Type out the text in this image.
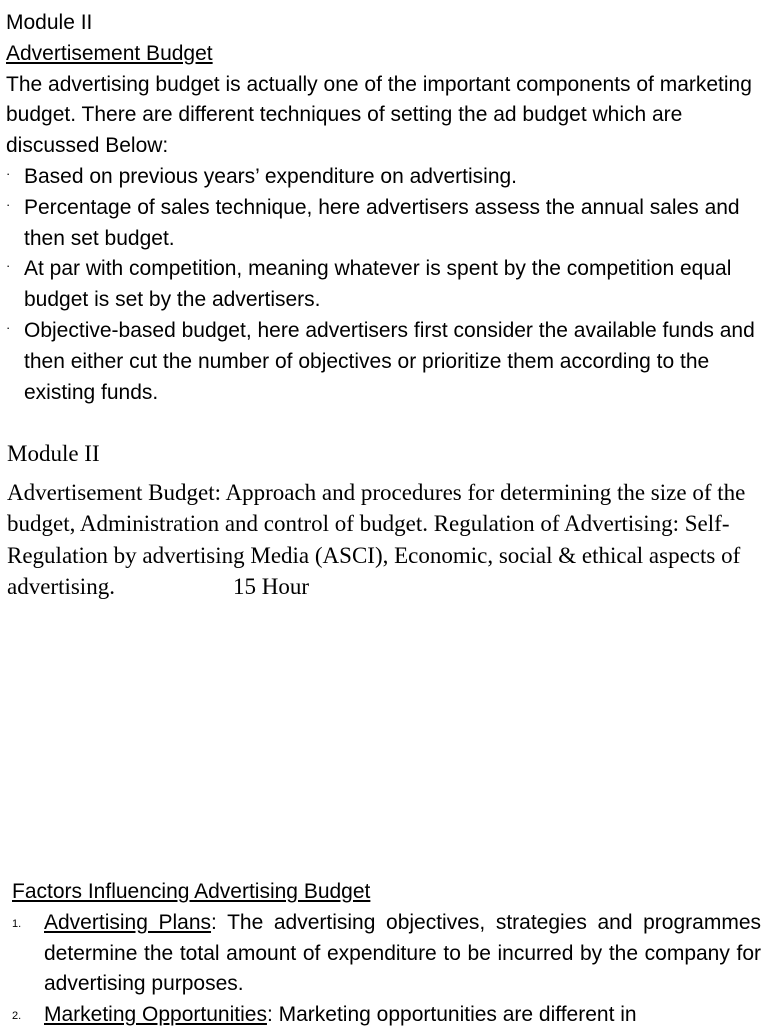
Module II

Advertisement Budget

The advertising budget is actually one of the important components of marketing budget. There are different techniques of setting the ad budget which are discussed Below:

· Based on previous years’ expenditure on advertising.
· Percentage of sales technique, here advertisers assess the annual sales and then set budget.
· At par with competition, meaning whatever is spent by the competition equal budget is set by the advertisers.
· Objective-based budget, here advertisers first consider the available funds and then either cut the number of objectives or prioritize them according to the existing funds.

Module II

Advertisement Budget: Approach and procedures for determining the size of the budget, Administration and control of budget. Regulation of Advertising: Self-Regulation by advertising Media (ASCI), Economic, social & ethical aspects of advertising.	15 Hour

Factors Influencing Advertising Budget

1. Advertising Plans: The advertising objectives, strategies and programmes determine the total amount of expenditure to be incurred by the company for advertising purposes.
2. Marketing Opportunities: Marketing opportunities are different in
